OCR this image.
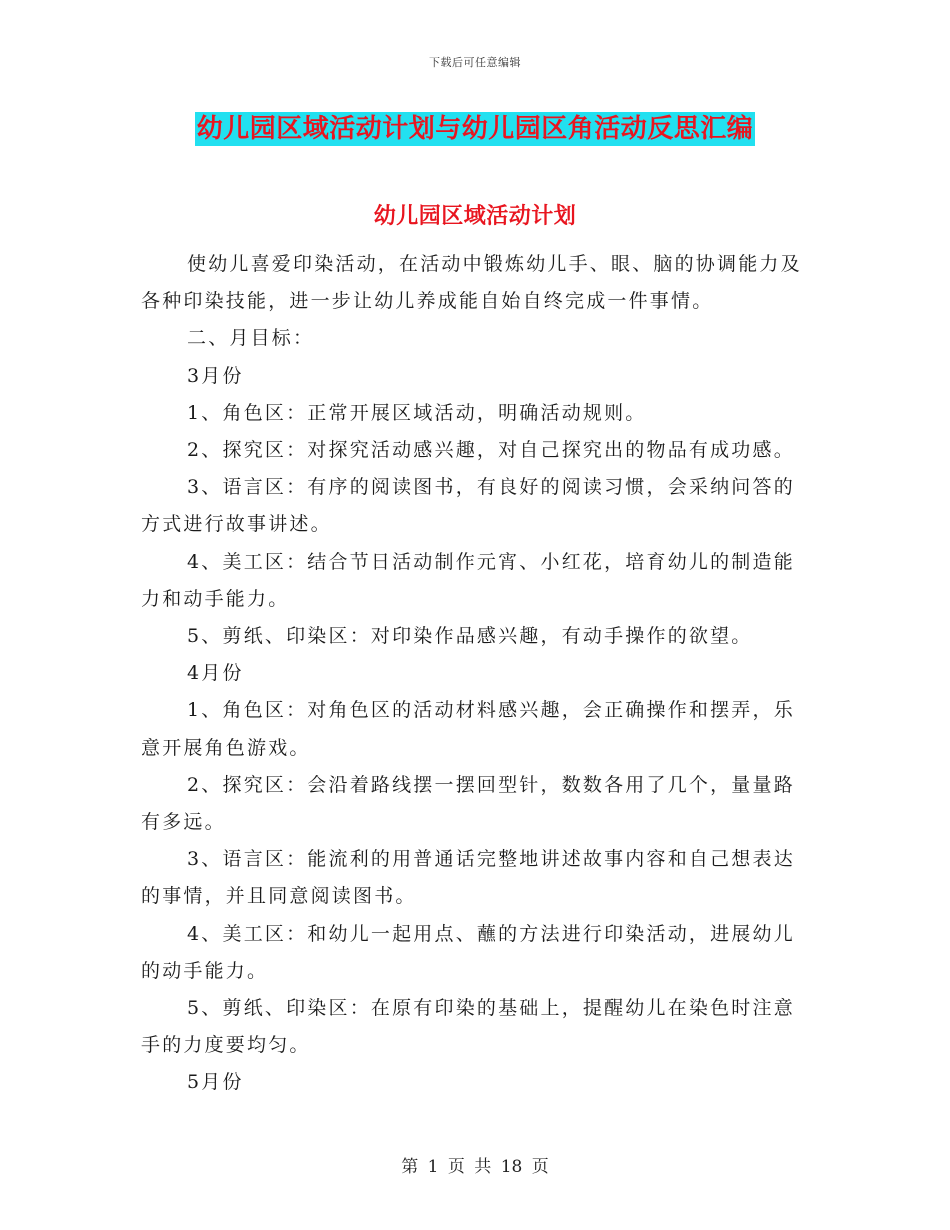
下载后可任意编辑
幼儿园区域活动计划与幼儿园区角活动反思汇编
幼儿园区域活动计划

使幼儿喜爱印染活动，在活动中锻炼幼儿手、眼、脑的协调能力及各种印染技能，进一步让幼儿养成能自始自终完成一件事情。

二、月目标：

3月份

1、角色区：正常开展区域活动，明确活动规则。

2、探究区：对探究活动感兴趣，对自己探究出的物品有成功感。

3、语言区：有序的阅读图书，有良好的阅读习惯，会采纳问答的方式进行故事讲述。

4、美工区：结合节日活动制作元宵、小红花，培育幼儿的制造能力和动手能力。

5、剪纸、印染区：对印染作品感兴趣，有动手操作的欲望。

4月份

1、角色区：对角色区的活动材料感兴趣，会正确操作和摆弄，乐意开展角色游戏。

2、探究区：会沿着路线摆一摆回型针，数数各用了几个，量量路有多远。

3、语言区：能流利的用普通话完整地讲述故事内容和自己想表达的事情，并且同意阅读图书。

4、美工区：和幼儿一起用点、蘸的方法进行印染活动，进展幼儿的动手能力。

5、剪纸、印染区：在原有印染的基础上，提醒幼儿在染色时注意手的力度要均匀。

5月份

第 1 页 共 18 页
